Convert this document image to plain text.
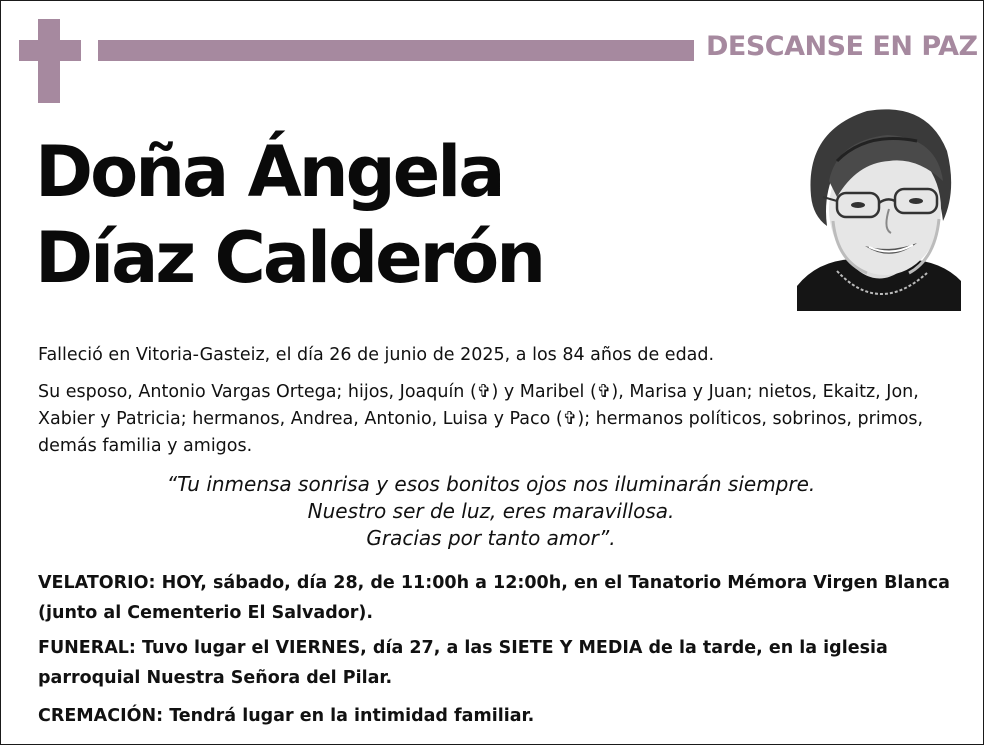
DESCANSE EN PAZ
Doña Ángela
Díaz Calderón

Falleció en Vitoria-Gasteiz, el día 26 de junio de 2025, a los 84 años de edad.

Su esposo, Antonio Vargas Ortega; hijos, Joaquín (✞) y Maribel (✞), Marisa y Juan; nietos, Ekaitz, Jon, Xabier y Patricia; hermanos, Andrea, Antonio, Luisa y Paco (✞); hermanos políticos, sobrinos, primos, demás familia y amigos.

“Tu inmensa sonrisa y esos bonitos ojos nos iluminarán siempre.
Nuestro ser de luz, eres maravillosa.
Gracias por tanto amor”.

VELATORIO: HOY, sábado, día 28, de 11:00h a 12:00h, en el Tanatorio Mémora Virgen Blanca (junto al Cementerio El Salvador).

FUNERAL: Tuvo lugar el VIERNES, día 27, a las SIETE Y MEDIA de la tarde, en la iglesia parroquial Nuestra Señora del Pilar.

CREMACIÓN: Tendrá lugar en la intimidad familiar.
